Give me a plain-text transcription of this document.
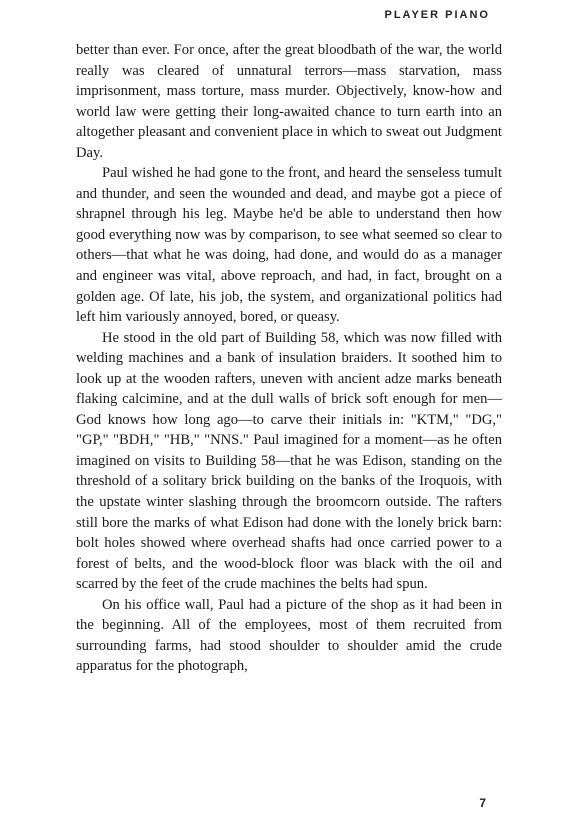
PLAYER PIANO

better than ever. For once, after the great bloodbath of the war, the world really was cleared of unnatural terrors—mass starvation, mass imprisonment, mass torture, mass murder. Objectively, know-how and world law were getting their long-awaited chance to turn earth into an altogether pleasant and convenient place in which to sweat out Judgment Day.

Paul wished he had gone to the front, and heard the senseless tumult and thunder, and seen the wounded and dead, and maybe got a piece of shrapnel through his leg. Maybe he'd be able to understand then how good everything now was by comparison, to see what seemed so clear to others—that what he was doing, had done, and would do as a manager and engineer was vital, above reproach, and had, in fact, brought on a golden age. Of late, his job, the system, and organizational politics had left him variously annoyed, bored, or queasy.

He stood in the old part of Building 58, which was now filled with welding machines and a bank of insulation braiders. It soothed him to look up at the wooden rafters, uneven with ancient adze marks beneath flaking calcimine, and at the dull walls of brick soft enough for men—God knows how long ago—to carve their initials in: "KTM," "DG," "GP," "BDH," "HB," "NNS." Paul imagined for a moment—as he often imagined on visits to Building 58—that he was Edison, standing on the threshold of a solitary brick building on the banks of the Iroquois, with the upstate winter slashing through the broomcorn outside. The rafters still bore the marks of what Edison had done with the lonely brick barn: bolt holes showed where overhead shafts had once carried power to a forest of belts, and the wood-block floor was black with the oil and scarred by the feet of the crude machines the belts had spun.

On his office wall, Paul had a picture of the shop as it had been in the beginning. All of the employees, most of them recruited from surrounding farms, had stood shoulder to shoulder amid the crude apparatus for the photograph,

7
